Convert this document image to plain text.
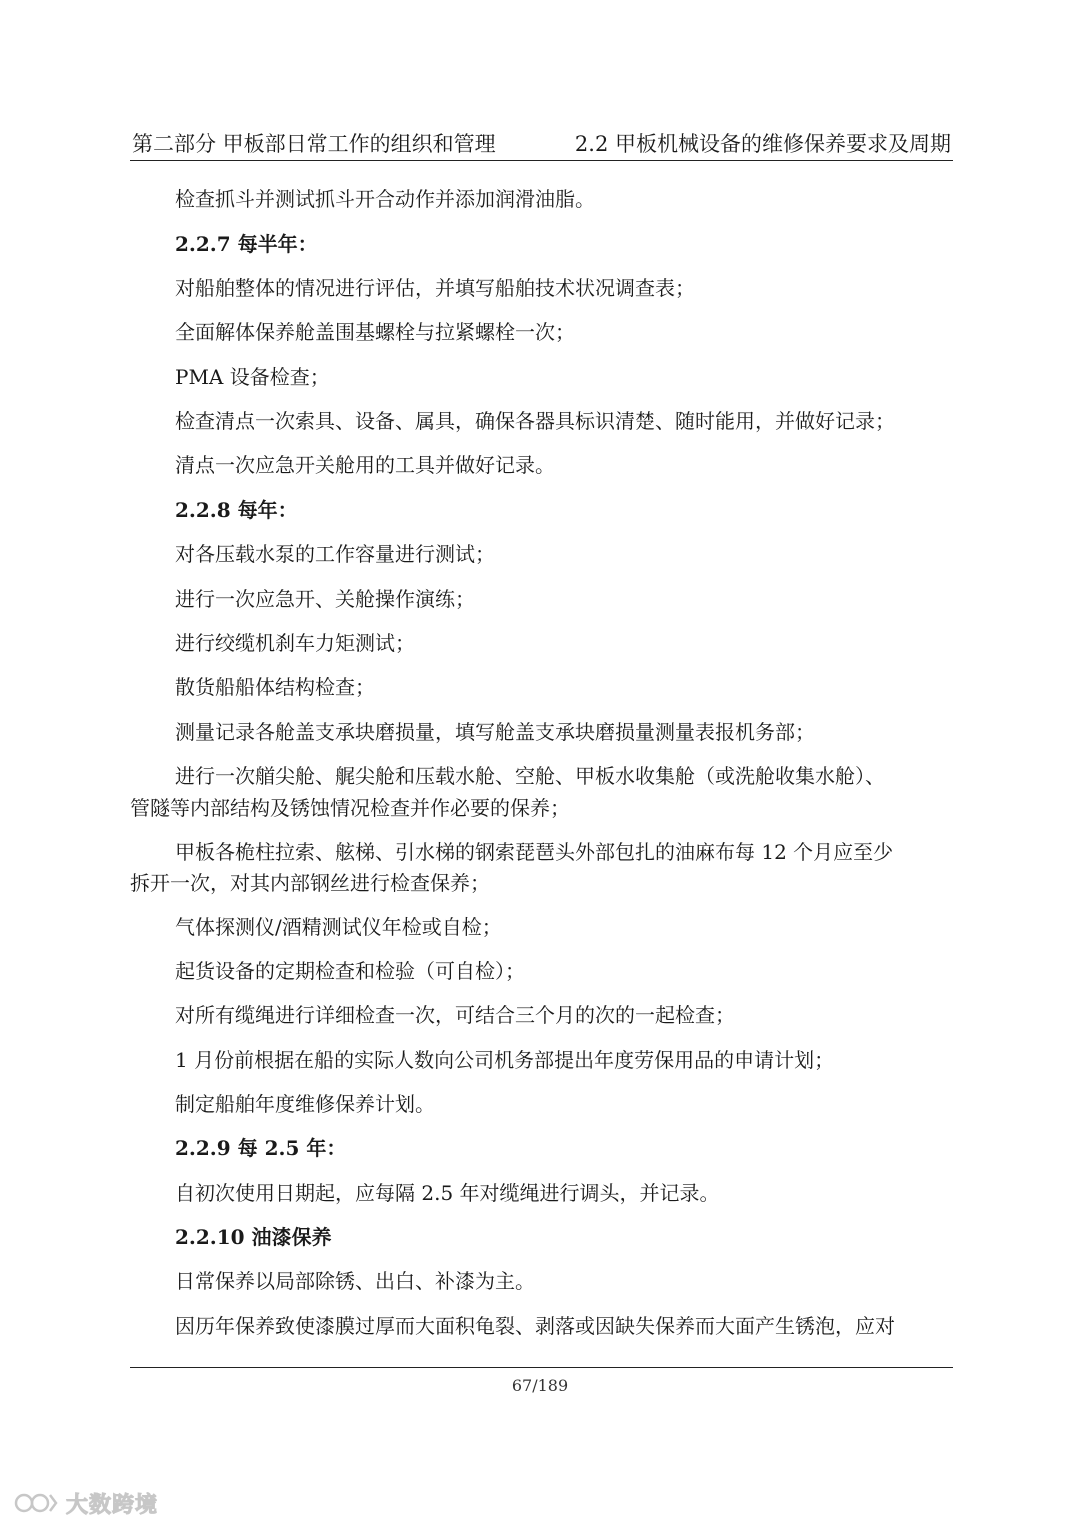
第二部分 甲板部日常工作的组织和管理	2.2 甲板机械设备的维修保养要求及周期
检查抓斗并测试抓斗开合动作并添加润滑油脂。
2.2.7 每半年：
对船舶整体的情况进行评估，并填写船舶技术状况调查表；
全面解体保养舱盖围基螺栓与拉紧螺栓一次；
PMA 设备检查；
检查清点一次索具、设备、属具，确保各器具标识清楚、随时能用，并做好记录；
清点一次应急开关舱用的工具并做好记录。
2.2.8 每年：
对各压载水泵的工作容量进行测试；
进行一次应急开、关舱操作演练；
进行绞缆机刹车力矩测试；
散货船船体结构检查；
测量记录各舱盖支承块磨损量，填写舱盖支承块磨损量测量表报机务部；
进行一次艏尖舱、艉尖舱和压载水舱、空舱、甲板水收集舱（或洗舱收集水舱）、
管隧等内部结构及锈蚀情况检查并作必要的保养；
甲板各桅柱拉索、舷梯、引水梯的钢索琵琶头外部包扎的油麻布每 12 个月应至少
拆开一次，对其内部钢丝进行检查保养；
气体探测仪/酒精测试仪年检或自检；
起货设备的定期检查和检验（可自检）；
对所有缆绳进行详细检查一次，可结合三个月的次的一起检查；
1 月份前根据在船的实际人数向公司机务部提出年度劳保用品的申请计划；
制定船舶年度维修保养计划。
2.2.9 每 2.5 年：
自初次使用日期起，应每隔 2.5 年对缆绳进行调头，并记录。
2.2.10 油漆保养
日常保养以局部除锈、出白、补漆为主。
因历年保养致使漆膜过厚而大面积龟裂、剥落或因缺失保养而大面产生锈泡，应对
67/189
大数跨境
